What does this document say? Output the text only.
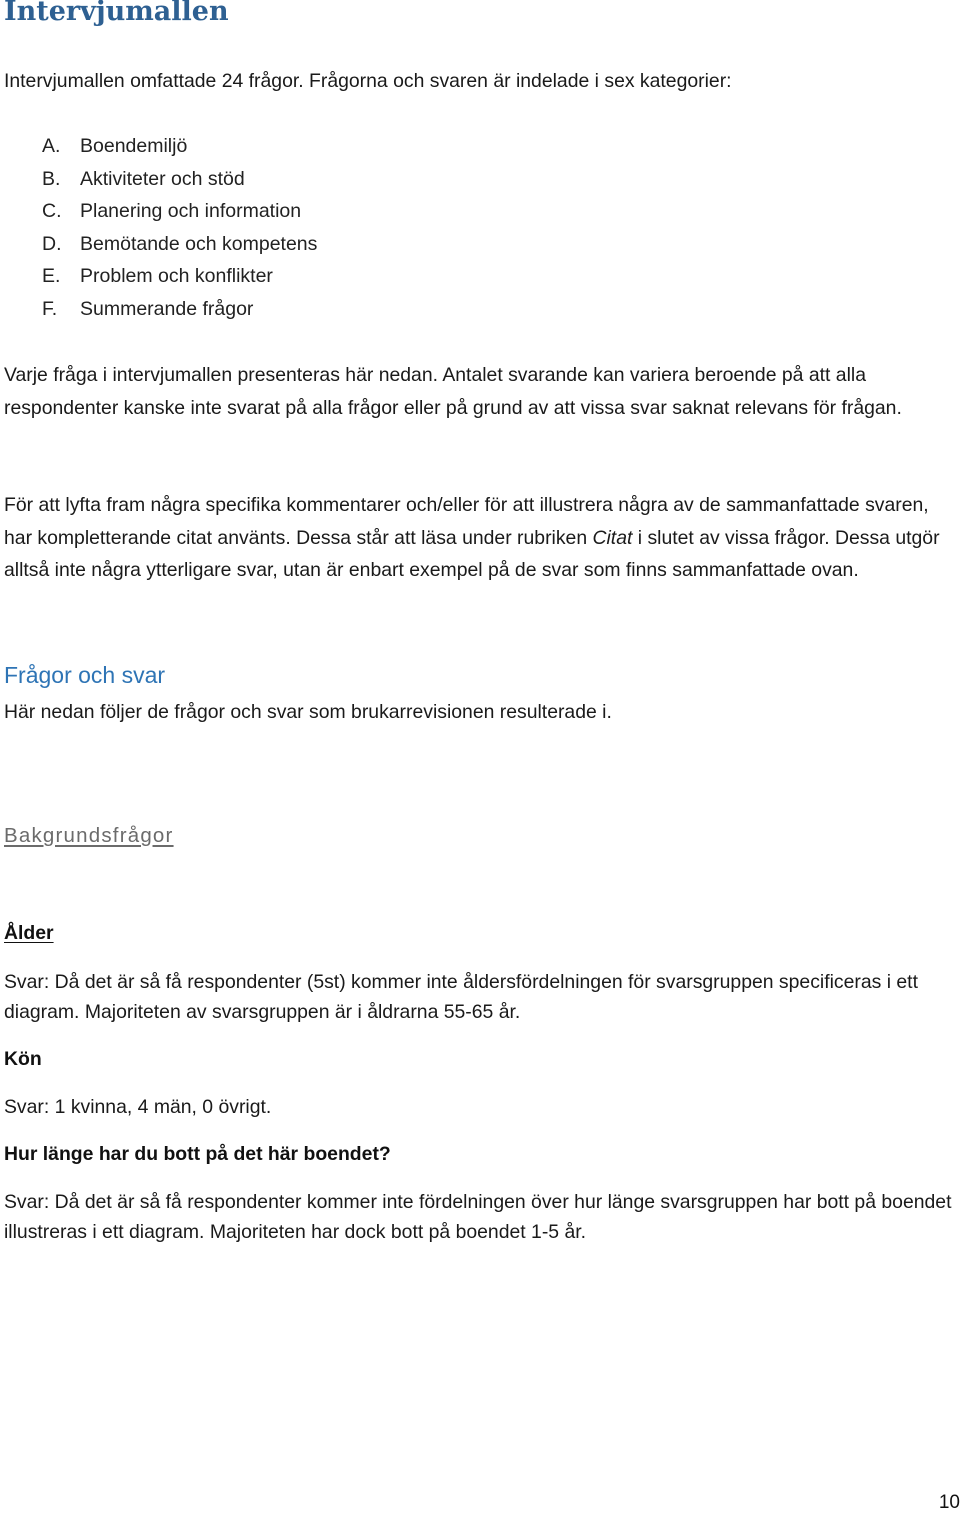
Intervjumallen

Intervjumallen omfattade 24 frågor. Frågorna och svaren är indelade i sex kategorier:

A.	Boendemiljö
B.	Aktiviteter och stöd
C. Planering och information
D. Bemötande och kompetens
E.	Problem och konflikter
F.	Summerande frågor

Varje fråga i intervjumallen presenteras här nedan. Antalet svarande kan variera beroende på att alla respondenter kanske inte svarat på alla frågor eller på grund av att vissa svar saknat relevans för frågan.

För att lyfta fram några specifika kommentarer och/eller för att illustrera några av de sammanfattade svaren, har kompletterande citat använts. Dessa står att läsa under rubriken Citat i slutet av vissa frågor. Dessa utgör alltså inte några ytterligare svar, utan är enbart exempel på de svar som finns sammanfattade ovan.

Frågor och svar

Här nedan följer de frågor och svar som brukarrevisionen resulterade i.

Bakgrundsfrågor

Ålder

Svar: Då det är så få respondenter (5st) kommer inte åldersfördelningen för svarsgruppen specificeras i ett diagram. Majoriteten av svarsgruppen är i åldrarna 55-65 år.

Kön

Svar: 1 kvinna, 4 män, 0 övrigt.

Hur länge har du bott på det här boendet?

Svar: Då det är så få respondenter kommer inte fördelningen över hur länge svarsgruppen har bott på boendet illustreras i ett diagram. Majoriteten har dock bott på boendet 1-5 år.

10
